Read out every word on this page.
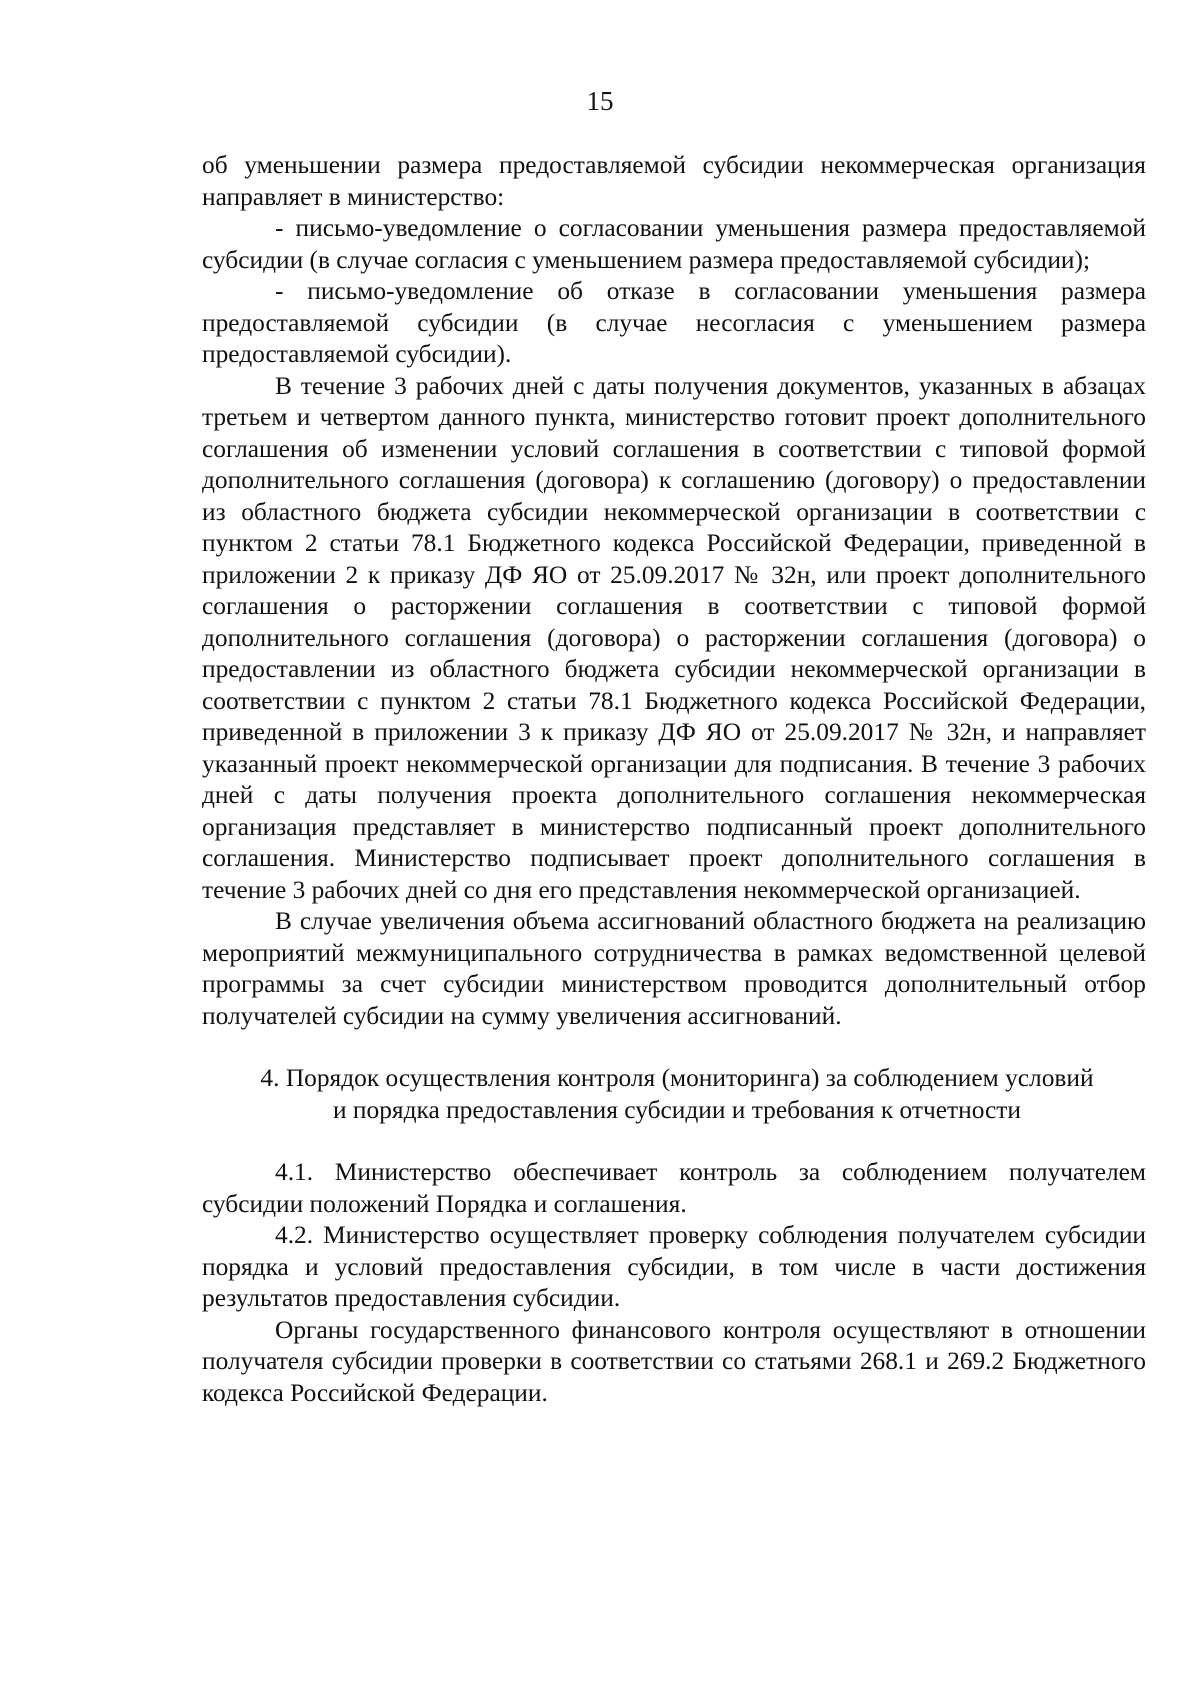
15

об уменьшении размера предоставляемой субсидии некоммерческая организация направляет в министерство:

- письмо-уведомление о согласовании уменьшения размера предоставляемой субсидии (в случае согласия с уменьшением размера предоставляемой субсидии);

- письмо-уведомление об отказе в согласовании уменьшения размера предоставляемой субсидии (в случае несогласия с уменьшением размера предоставляемой субсидии).

В течение 3 рабочих дней с даты получения документов, указанных в абзацах третьем и четвертом данного пункта, министерство готовит проект дополнительного соглашения об изменении условий соглашения в соответствии с типовой формой дополнительного соглашения (договора) к соглашению (договору) о предоставлении из областного бюджета субсидии некоммерческой организации в соответствии с пунктом 2 статьи 78.1 Бюджетного кодекса Российской Федерации, приведенной в приложении 2 к приказу ДФ ЯО от 25.09.2017 № 32н, или проект дополнительного соглашения о расторжении соглашения в соответствии с типовой формой дополнительного соглашения (договора) о расторжении соглашения (договора) о предоставлении из областного бюджета субсидии некоммерческой организации в соответствии с пунктом 2 статьи 78.1 Бюджетного кодекса Российской Федерации, приведенной в приложении 3 к приказу ДФ ЯО от 25.09.2017 № 32н, и направляет указанный проект некоммерческой организации для подписания. В течение 3 рабочих дней с даты получения проекта дополнительного соглашения некоммерческая организация представляет в министерство подписанный проект дополнительного соглашения. Министерство подписывает проект дополнительного соглашения в течение 3 рабочих дней со дня его представления некоммерческой организацией.

В случае увеличения объема ассигнований областного бюджета на реализацию мероприятий межмуниципального сотрудничества в рамках ведомственной целевой программы за счет субсидии министерством проводится дополнительный отбор получателей субсидии на сумму увеличения ассигнований.

4. Порядок осуществления контроля (мониторинга) за соблюдением условий
и порядка предоставления субсидии и требования к отчетности

4.1. Министерство обеспечивает контроль за соблюдением получателем субсидии положений Порядка и соглашения.

4.2. Министерство осуществляет проверку соблюдения получателем субсидии порядка и условий предоставления субсидии, в том числе в части достижения результатов предоставления субсидии.

Органы государственного финансового контроля осуществляют в отношении получателя субсидии проверки в соответствии со статьями 268.1 и 269.2 Бюджетного кодекса Российской Федерации.
